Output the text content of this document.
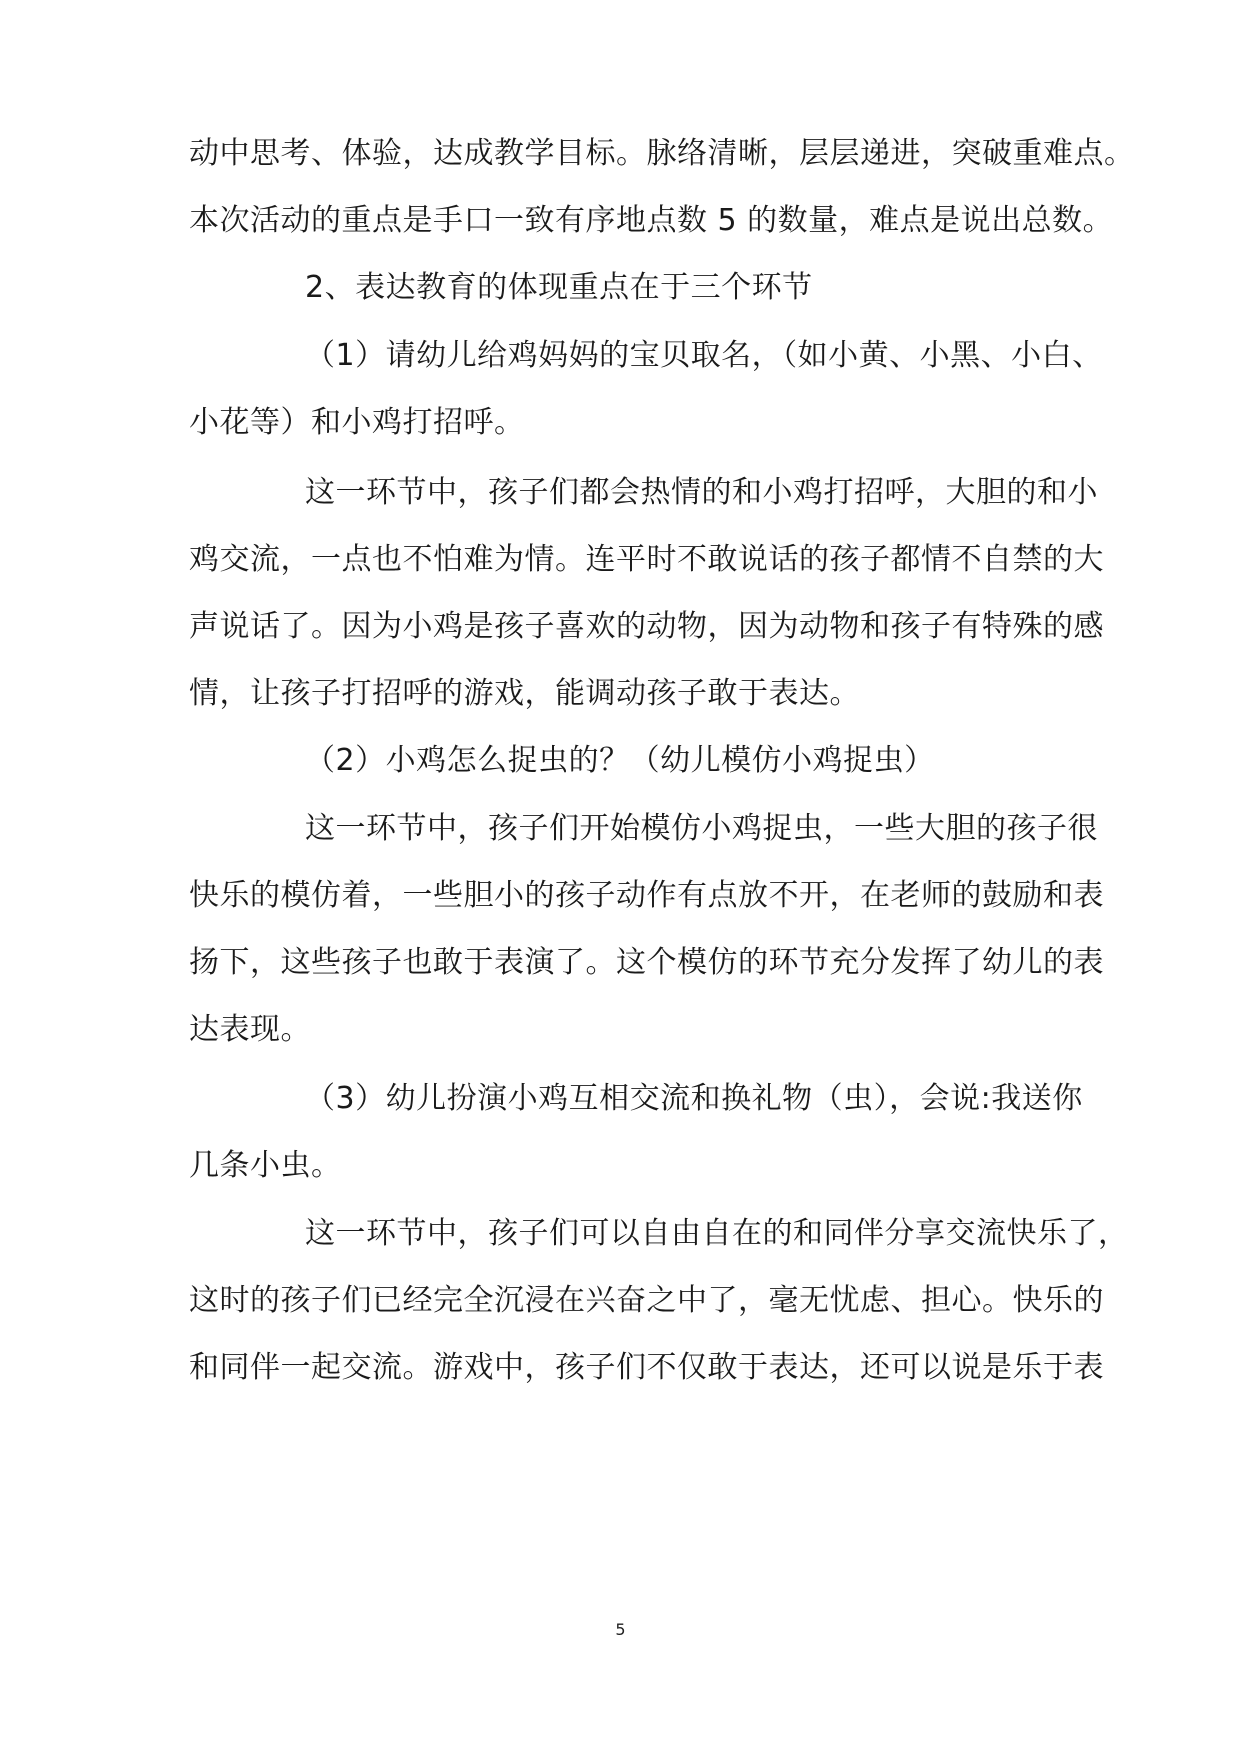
动中思考、体验，达成教学目标。脉络清晰，层层递进，突破重难点。
本次活动的重点是手口一致有序地点数 5 的数量，难点是说出总数。
2、表达教育的体现重点在于三个环节
（1）请幼儿给鸡妈妈的宝贝取名，（如小黄、小黑、小白、
小花等）和小鸡打招呼。
这一环节中，孩子们都会热情的和小鸡打招呼，大胆的和小
鸡交流，一点也不怕难为情。连平时不敢说话的孩子都情不自禁的大
声说话了。因为小鸡是孩子喜欢的动物，因为动物和孩子有特殊的感
情，让孩子打招呼的游戏，能调动孩子敢于表达。
（2）小鸡怎么捉虫的？（幼儿模仿小鸡捉虫）
这一环节中，孩子们开始模仿小鸡捉虫，一些大胆的孩子很
快乐的模仿着，一些胆小的孩子动作有点放不开，在老师的鼓励和表
扬下，这些孩子也敢于表演了。这个模仿的环节充分发挥了幼儿的表
达表现。
（3）幼儿扮演小鸡互相交流和换礼物（虫），会说:我送你
几条小虫。
这一环节中，孩子们可以自由自在的和同伴分享交流快乐了，
这时的孩子们已经完全沉浸在兴奋之中了，毫无忧虑、担心。快乐的
和同伴一起交流。游戏中，孩子们不仅敢于表达，还可以说是乐于表
5
